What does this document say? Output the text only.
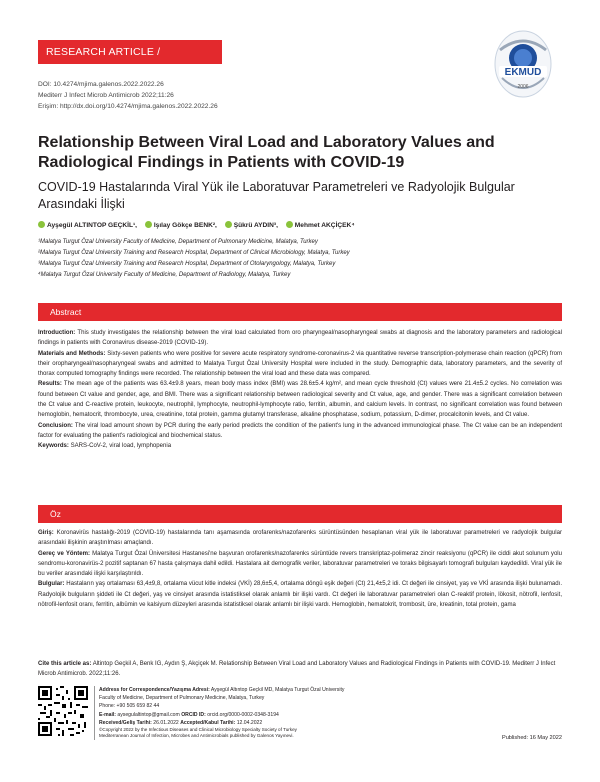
RESEARCH ARTICLE / ARAŞTIRMA
DOI: 10.4274/mjima.galenos.2022.2022.26
Mediterr J Infect Microb Antimicrob 2022;11:26
Erişim: http://dx.doi.org/10.4274/mjima.galenos.2022.2022.26
EKMUD
2006
Relationship Between Viral Load and Laboratory Values and Radiological Findings in Patients with COVID-19
COVID-19 Hastalarında Viral Yük ile Laboratuvar Parametreleri ve Radyolojik Bulgular Arasındaki İlişki
Ayşegül ALTINTOP GEÇKİL¹,	Işılay Gökçe BENK²,	Şükrü AYDIN³,	Mehmet AKÇİÇEK⁴
¹Malatya Turgut Özal University Faculty of Medicine, Department of Pulmonary Medicine, Malatya, Turkey
²Malatya Turgut Özal University Training and Research Hospital, Department of Clinical Microbiology, Malatya, Turkey
³Malatya Turgut Özal University Training and Research Hospital, Department of Otolaryngology, Malatya, Turkey
⁴Malatya Turgut Özal University Faculty of Medicine, Department of Radiology, Malatya, Turkey
Abstract

Introduction: This study investigates the relationship between the viral load calculated from oro pharyngeal/nasopharyngeal swabs at diagnosis and the laboratory parameters and radiological findings in patients with Coronavirus disease-2019 (COVID-19).

Materials and Methods: Sixty-seven patients who were positive for severe acute respiratory syndrome-coronavirus-2 via quantitative reverse transcription-polymerase chain reaction (qPCR) from their oropharyngeal/nasopharyngeal swabs and admitted to Malatya Turgut Özal University Hospital were included in the study. Demographic data, laboratory parameters, and the severity of thorax computed tomography findings were recorded. The relationship between the viral load and these data was compared.

Results: The mean age of the patients was 63.4±9.8 years, mean body mass index (BMI) was 28.6±5.4 kg/m², and mean cycle threshold (Ct) values were 21.4±5.2 cycles. No correlation was found between Ct value and gender, age, and BMI. There was a significant relationship between radiological severity and Ct value, age, and gender. There was a significant correlation between the Ct value and C-reactive protein, leukocyte, neutrophil, lymphocyte, neutrophil-lymphocyte ratio, ferritin, albumin, and calcium levels. In contrast, no significant correlation was found between hemoglobin, hematocrit, thrombocyte, urea, creatinine, total protein, gamma glutamyl transferase, alkaline phosphatase, sodium, potassium, D-dimer, procalcitonin levels, and Ct value.

Conclusion: The viral load amount shown by PCR during the early period predicts the condition of the patient's lung in the advanced immunological phase. The Ct value can be an independent factor for evaluating the patient's radiological and biochemical status.

Keywords: SARS-CoV-2, viral load, lymphopenia

Öz

Giriş: Koronavirüs hastalığı-2019 (COVID-19) hastalarında tanı aşamasında orofarenks/nazofarenks sürüntüsünden hesaplanan viral yük ile laboratuvar parametreleri ve radyolojik bulgular arasındaki ilişkinin araştırılması amaçlandı.

Gereç ve Yöntem: Malatya Turgut Özal Üniversitesi Hastanesi'ne başvuran orofarenks/nazofarenks sürüntüde revers transkriptaz-polimeraz zincir reaksiyonu (qPCR) ile ciddi akut solunum yolu sendromu-koronavirüs-2 pozitif saptanan 67 hasta çalışmaya dahil edildi. Hastalara ait demografik veriler, laboratuvar parametreleri ve toraks bilgisayarlı tomografi bulguları kaydedildi. Viral yük ile bu veriler arasındaki ilişki karşılaştırıldı.

Bulgular: Hastaların yaş ortalaması 63,4±9,8, ortalama vücut kitle indeksi (VKİ) 28,6±5,4, ortalama döngü eşik değeri (Ct) 21,4±5,2 idi. Ct değeri ile cinsiyet, yaş ve VKİ arasında ilişki bulunamadı. Radyolojik bulguların şiddeti ile Ct değeri, yaş ve cinsiyet arasında istatistiksel olarak anlamlı bir ilişki vardı. Ct değeri ile laboratuvar parametreleri olan C-reaktif protein, lökosit, nötrofil, lenfosit, nötrofil-lenfosit oranı, ferritin, albümin ve kalsiyum düzeyleri arasında istatistiksel olarak anlamlı bir ilişki vardı. Hemoglobin, hematokrit, trombosit, üre, kreatinin, total protein, gama

Cite this article as: Altintop Geçkil A, Benk IG, Aydın Ş, Akçiçek M. Relationship Between Viral Load and Laboratory Values and Radiological Findings in Patients with COVID-19. Mediterr J Infect Microb Antimicrob. 2022;11:26.
Address for Correspondence/Yazışma Adresi: Ayşegül Altıntop Geçkil MD, Malatya Turgut Özal University
Faculty of Medicine, Department of Pulmonary Medicine, Malatya, Turkey
Phone: +90 505 659 82 44
E-mail: aysegulaltintop@gmail.com ORCID ID: orcid.org/0000-0002-0348-3194
Received/Geliş Tarihi: 26.01.2022 Accepted/Kabul Tarihi: 12.04.2022
©Copyright 2022 by the Infectious Diseases and Clinical Microbiology Specialty Society of Turkey
Mediterranean Journal of Infection, Microbes and Antimicrobials published by Galenos Yayınevi.	Published: 16 May 2022
